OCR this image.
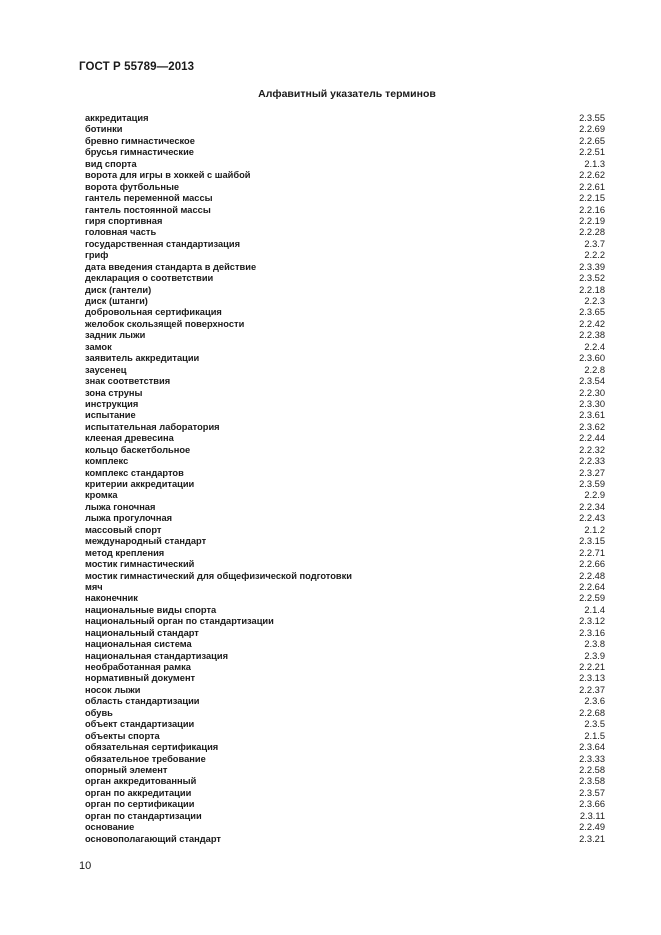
ГОСТ Р 55789—2013
Алфавитный указатель терминов
аккредитация	2.3.55
ботинки	2.2.69
бревно гимнастическое	2.2.65
брусья гимнастические	2.2.51
вид спорта	2.1.3
ворота для игры в хоккей с шайбой	2.2.62
ворота футбольные	2.2.61
гантель переменной массы	2.2.15
гантель постоянной массы	2.2.16
гиря спортивная	2.2.19
головная часть	2.2.28
государственная стандартизация	2.3.7
гриф	2.2.2
дата введения стандарта в действие	2.3.39
декларация о соответствии	2.3.52
диск (гантели)	2.2.18
диск (штанги)	2.2.3
добровольная сертификация	2.3.65
желобок скользящей поверхности	2.2.42
задник лыжи	2.2.38
замок	2.2.4
заявитель аккредитации	2.3.60
заусенец	2.2.8
знак соответствия	2.3.54
зона струны	2.2.30
инструкция	2.3.30
испытание	2.3.61
испытательная лаборатория	2.3.62
клееная древесина	2.2.44
кольцо баскетбольное	2.2.32
комплекс	2.2.33
комплекс стандартов	2.3.27
критерии аккредитации	2.3.59
кромка	2.2.9
лыжа гоночная	2.2.34
лыжа прогулочная	2.2.43
массовый спорт	2.1.2
международный стандарт	2.3.15
метод крепления	2.2.71
мостик гимнастический	2.2.66
мостик гимнастический для общефизической подготовки	2.2.48
мяч	2.2.64
наконечник	2.2.59
национальные виды спорта	2.1.4
национальный орган по стандартизации	2.3.12
национальный стандарт	2.3.16
национальная система	2.3.8
национальная стандартизация	2.3.9
необработанная рамка	2.2.21
нормативный документ	2.3.13
носок лыжи	2.2.37
область стандартизации	2.3.6
обувь	2.2.68
объект стандартизации	2.3.5
объекты спорта	2.1.5
обязательная сертификация	2.3.64
обязательное требование	2.3.33
опорный элемент	2.2.58
орган аккредитованный	2.3.58
орган по аккредитации	2.3.57
орган по сертификации	2.3.66
орган по стандартизации	2.3.11
основание	2.2.49
основополагающий стандарт	2.3.21
10
